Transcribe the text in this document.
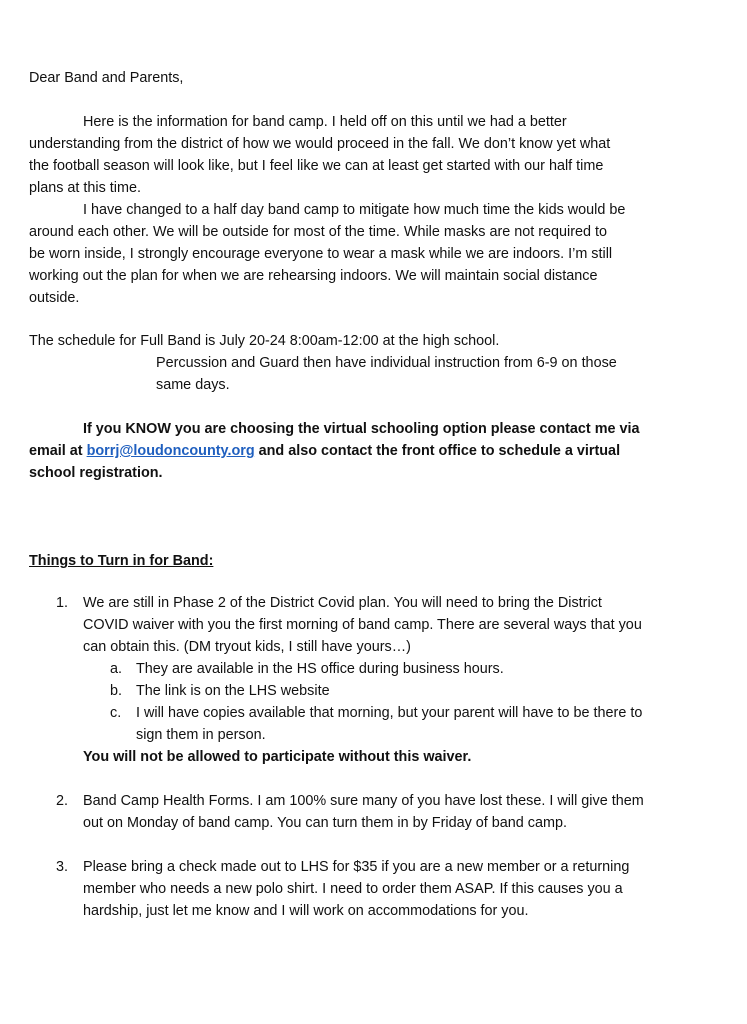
Dear Band and Parents,
Here is the information for band camp. I held off on this until we had a better
understanding from the district of how we would proceed in the fall. We don’t know yet what
the football season will look like, but I feel like we can at least get started with our half time
plans at this time.
I have changed to a half day band camp to mitigate how much time the kids would be
around each other. We will be outside for most of the time. While masks are not required to
be worn inside, I strongly encourage everyone to wear a mask while we are indoors. I’m still
working out the plan for when we are rehearsing indoors. We will maintain social distance
outside.
The schedule for Full Band is July 20-24 8:00am-12:00 at the high school.
Percussion and Guard then have individual instruction from 6-9 on those
same days.
If you KNOW you are choosing the virtual schooling option please contact me via
email at borrj@loudoncounty.org and also contact the front office to schedule a virtual
school registration.
Things to Turn in for Band:
1. We are still in Phase 2 of the District Covid plan. You will need to bring the District
COVID waiver with you the first morning of band camp. There are several ways that you
can obtain this. (DM tryout kids, I still have yours…)
a. They are available in the HS office during business hours.
b. The link is on the LHS website
c. I will have copies available that morning, but your parent will have to be there to
sign them in person.
You will not be allowed to participate without this waiver.
2. Band Camp Health Forms. I am 100% sure many of you have lost these. I will give them
out on Monday of band camp. You can turn them in by Friday of band camp.
3. Please bring a check made out to LHS for $35 if you are a new member or a returning
member who needs a new polo shirt. I need to order them ASAP. If this causes you a
hardship, just let me know and I will work on accommodations for you.
